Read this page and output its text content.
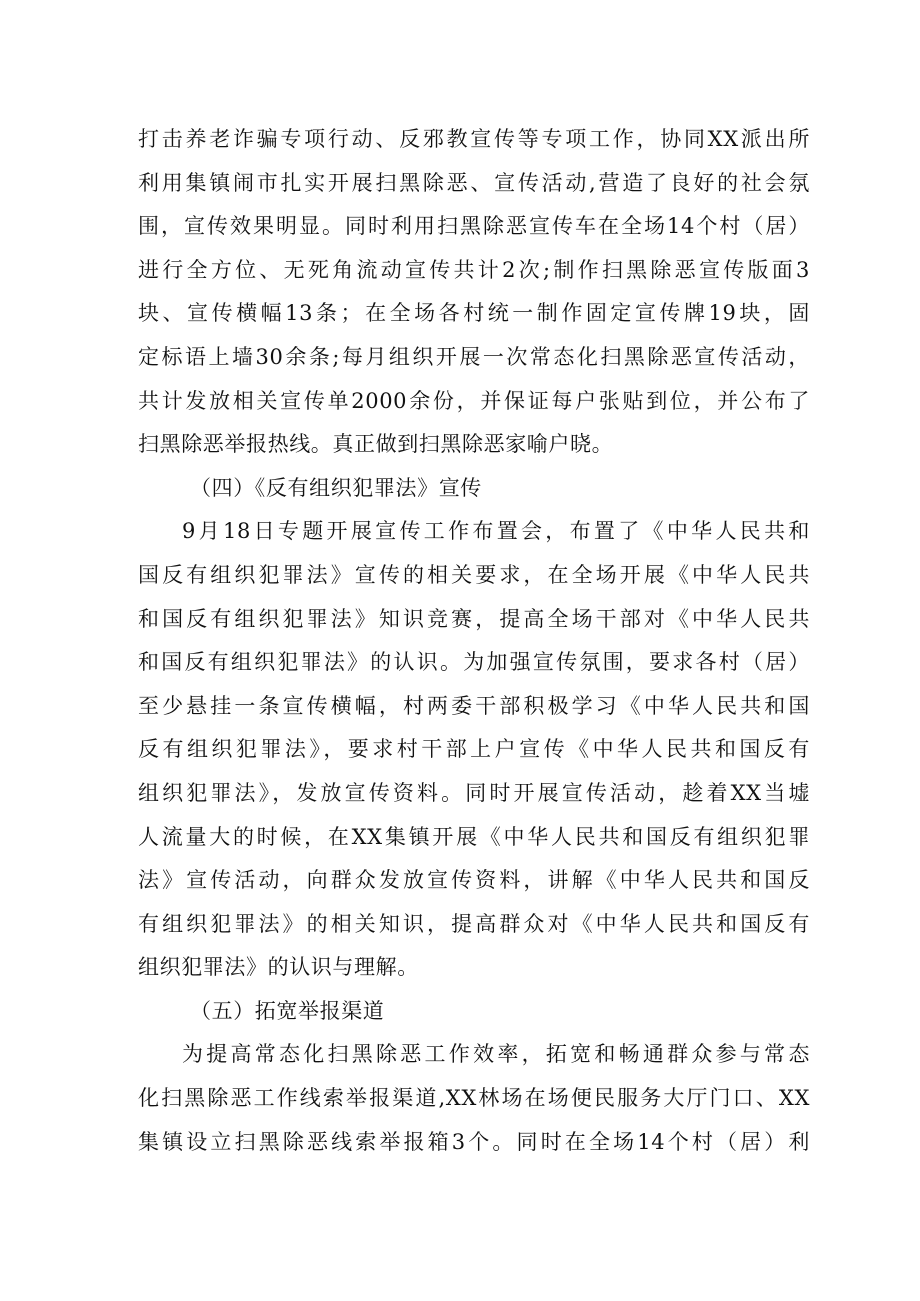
打击养老诈骗专项行动、反邪教宣传等专项工作，协同XX派出所
利用集镇闹市扎实开展扫黑除恶、宣传活动,营造了良好的社会氛
围，宣传效果明显。同时利用扫黑除恶宣传车在全场14个村（居）
进行全方位、无死角流动宣传共计2次;制作扫黑除恶宣传版面3
块、宣传横幅13条；在全场各村统一制作固定宣传牌19块，固
定标语上墙30余条;每月组织开展一次常态化扫黑除恶宣传活动，
共计发放相关宣传单2000余份，并保证每户张贴到位，并公布了
扫黑除恶举报热线。真正做到扫黑除恶家喻户晓。
（四）《反有组织犯罪法》宣传
9月18日专题开展宣传工作布置会，布置了《中华人民共和
国反有组织犯罪法》宣传的相关要求，在全场开展《中华人民共
和国反有组织犯罪法》知识竞赛，提高全场干部对《中华人民共
和国反有组织犯罪法》的认识。为加强宣传氛围，要求各村（居）
至少悬挂一条宣传横幅，村两委干部积极学习《中华人民共和国
反有组织犯罪法》，要求村干部上户宣传《中华人民共和国反有
组织犯罪法》，发放宣传资料。同时开展宣传活动，趁着XX当墟
人流量大的时候，在XX集镇开展《中华人民共和国反有组织犯罪
法》宣传活动，向群众发放宣传资料，讲解《中华人民共和国反
有组织犯罪法》的相关知识，提高群众对《中华人民共和国反有
组织犯罪法》的认识与理解。
（五）拓宽举报渠道
为提高常态化扫黑除恶工作效率，拓宽和畅通群众参与常态
化扫黑除恶工作线索举报渠道,XX林场在场便民服务大厅门口、XX
集镇设立扫黑除恶线索举报箱3个。同时在全场14个村（居）利
